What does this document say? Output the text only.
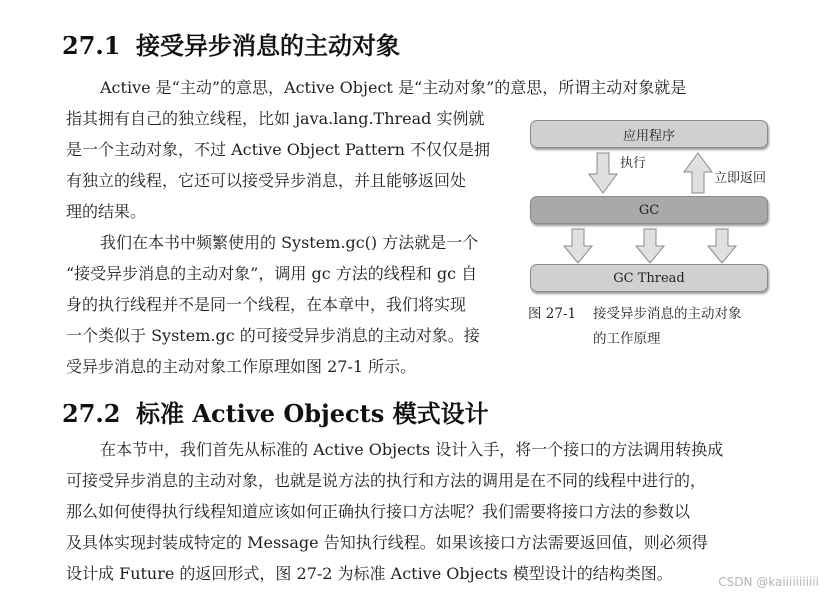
27.1 接受异步消息的主动对象
Active 是“主动”的意思，Active Object 是“主动对象”的意思，所谓主动对象就是
指其拥有自己的独立线程，比如 java.lang.Thread 实例就
是一个主动对象，不过 Active Object Pattern 不仅仅是拥
有独立的线程，它还可以接受异步消息，并且能够返回处
理的结果。
我们在本书中频繁使用的 System.gc() 方法就是一个
“接受异步消息的主动对象”，调用 gc 方法的线程和 gc 自
身的执行线程并不是同一个线程，在本章中，我们将实现
一个类似于 System.gc 的可接受异步消息的主动对象。接
受异步消息的主动对象工作原理如图 27-1 所示。
应用程序
执行
立即返回
GC
GC Thread
图 27-1 接受异步消息的主动对象
的工作原理
27.2 标准 Active Objects 模式设计
在本节中，我们首先从标准的 Active Objects 设计入手，将一个接口的方法调用转换成
可接受异步消息的主动对象，也就是说方法的执行和方法的调用是在不同的线程中进行的，
那么如何使得执行线程知道应该如何正确执行接口方法呢？我们需要将接口方法的参数以
及具体实现封装成特定的 Message 告知执行线程。如果该接口方法需要返回值，则必须得
设计成 Future 的返回形式，图 27-2 为标准 Active Objects 模型设计的结构类图。	CSDN @kaiiiiiiiiiii
